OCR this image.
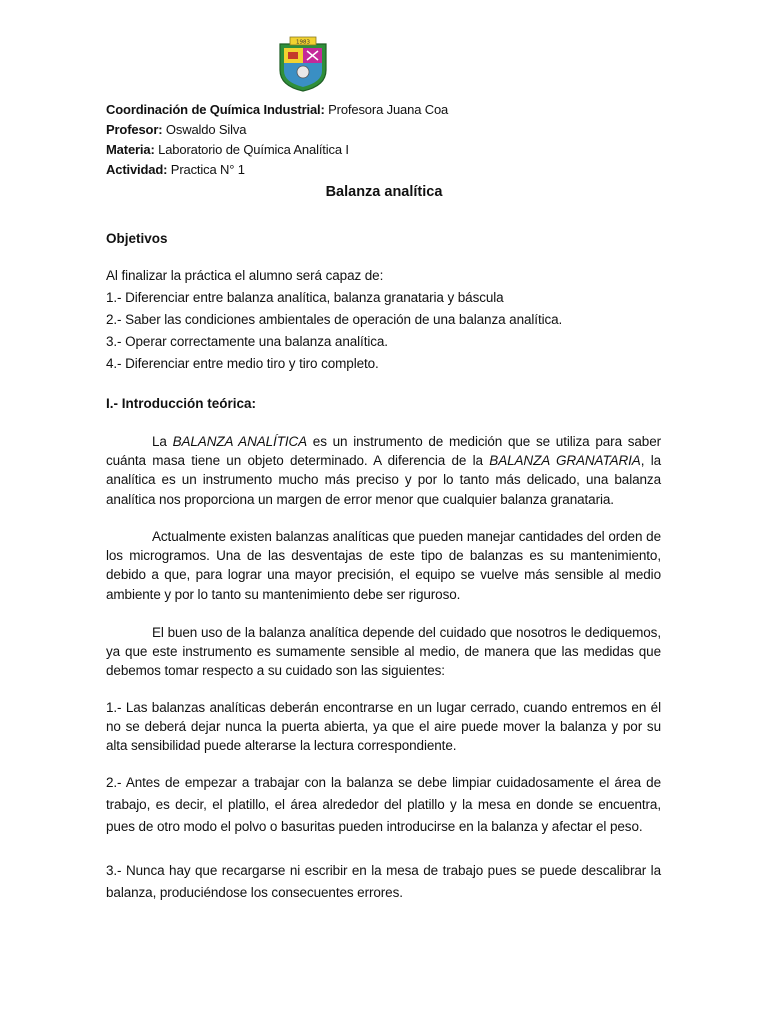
1983
Coordinación de Química Industrial: Profesora Juana Coa
Profesor: Oswaldo Silva
Materia: Laboratorio de Química Analítica I
Actividad: Practica N° 1
Balanza analítica
Objetivos
Al finalizar la práctica el alumno será capaz de:
1.- Diferenciar entre balanza analítica, balanza granataria y báscula
2.- Saber las condiciones ambientales de operación de una balanza analítica.
3.- Operar correctamente una balanza analítica.
4.- Diferenciar entre medio tiro y tiro completo.
I.- Introducción teórica:
La BALANZA ANALÍTICA es un instrumento de medición que se utiliza para saber cuánta masa tiene un objeto determinado. A diferencia de la BALANZA GRANATARIA, la analítica es un instrumento mucho más preciso y por lo tanto más delicado, una balanza analítica nos proporciona un margen de error menor que cualquier balanza granataria.
Actualmente existen balanzas analíticas que pueden manejar cantidades del orden de los microgramos. Una de las desventajas de este tipo de balanzas es su mantenimiento, debido a que, para lograr una mayor precisión, el equipo se vuelve más sensible al medio ambiente y por lo tanto su mantenimiento debe ser riguroso.
El buen uso de la balanza analítica depende del cuidado que nosotros le dediquemos, ya que este instrumento es sumamente sensible al medio, de manera que las medidas que debemos tomar respecto a su cuidado son las siguientes:
1.- Las balanzas analíticas deberán encontrarse en un lugar cerrado, cuando entremos en él no se deberá dejar nunca la puerta abierta, ya que el aire puede mover la balanza y por su alta sensibilidad puede alterarse la lectura correspondiente.
2.- Antes de empezar a trabajar con la balanza se debe limpiar cuidadosamente el área de trabajo, es decir, el platillo, el área alrededor del platillo y la mesa en donde se encuentra, pues de otro modo el polvo o basuritas pueden introducirse en la balanza y afectar el peso.
3.- Nunca hay que recargarse ni escribir en la mesa de trabajo pues se puede descalibrar la balanza, produciéndose los consecuentes errores.
